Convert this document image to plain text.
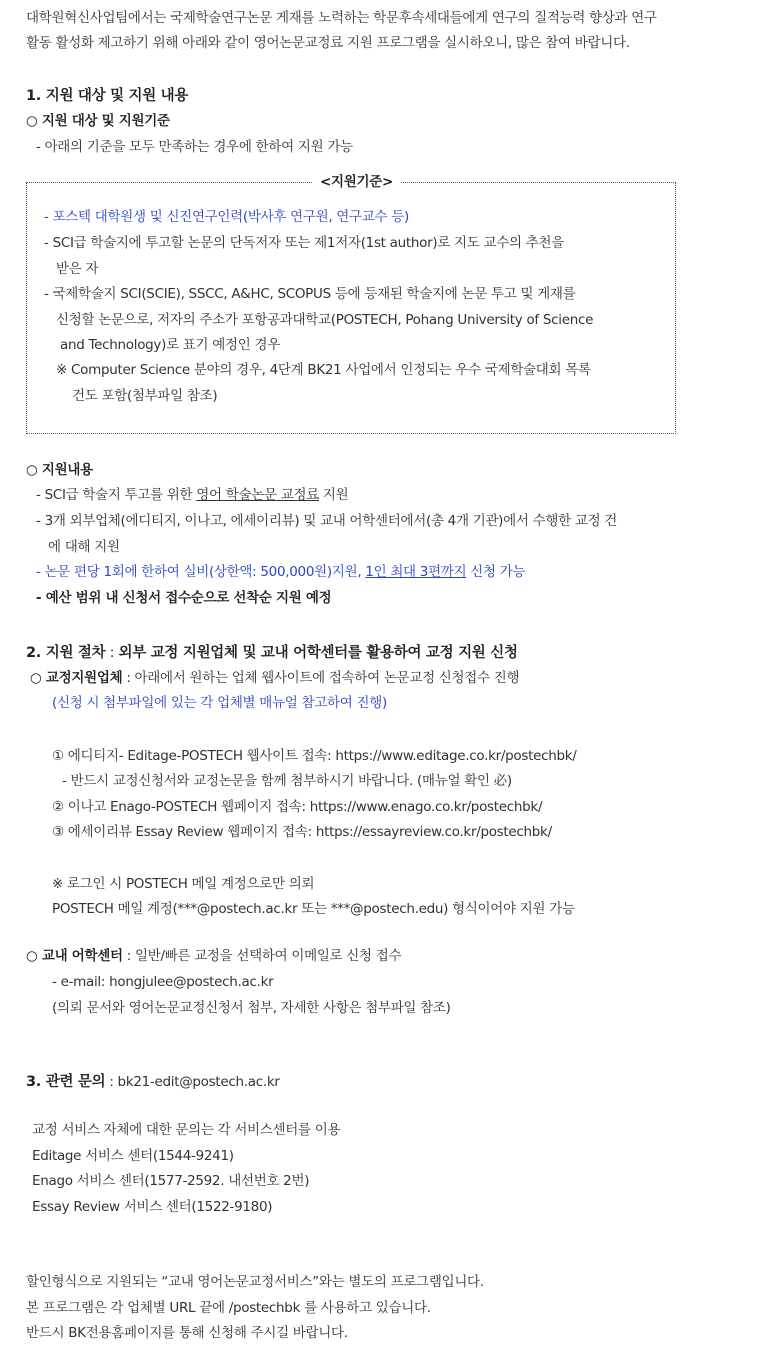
대학원혁신사업팀에서는 국제학술연구논문 게재를 노력하는 학문후속세대들에게 연구의 질적능력 향상과 연구
활동 활성화 제고하기 위해 아래와 같이 영어논문교정료 지원 프로그램을 실시하오니, 많은 참여 바랍니다.
1. 지원 대상 및 지원 내용
○ 지원 대상 및 지원기준
- 아래의 기준을 모두 만족하는 경우에 한하여 지원 가능
<지원기준>
- 포스텍 대학원생 및 신진연구인력(박사후 연구원, 연구교수 등)
- SCI급 학술지에 투고할 논문의 단독저자 또는 제1저자(1st author)로 지도 교수의 추천을
받은 자
- 국제학술지 SCI(SCIE), SSCC, A&HC, SCOPUS 등에 등재된 학술지에 논문 투고 및 게재를
신청할 논문으로, 저자의 주소가 포항공과대학교(POSTECH, Pohang University of Science
and Technology)로 표기 예정인 경우
※ Computer Science 분야의 경우, 4단계 BK21 사업에서 인정되는 우수 국제학술대회 목록
건도 포함(첨부파일 참조)
○ 지원내용
- SCI급 학술지 투고를 위한 영어 학술논문 교정료 지원
- 3개 외부업체(에디티지, 이나고, 에세이리뷰) 및 교내 어학센터에서(총 4개 기관)에서 수행한 교정 건
에 대해 지원
- 논문 편당 1회에 한하여 실비(상한액: 500,000원)지원, 1인 최대 3편까지 신청 가능
- 예산 범위 내 신청서 접수순으로 선착순 지원 예정
2. 지원 절차 : 외부 교정 지원업체 및 교내 어학센터를 활용하여 교정 지원 신청
○ 교정지원업체 : 아래에서 원하는 업체 웹사이트에 접속하여 논문교정 신청접수 진행
(신청 시 첨부파일에 있는 각 업체별 매뉴얼 참고하여 진행)
① 에디티지- Editage-POSTECH 웹사이트 접속: https://www.editage.co.kr/postechbk/
- 반드시 교정신청서와 교정논문을 함께 첨부하시기 바랍니다. (매뉴얼 확인 必)
② 이나고 Enago-POSTECH 웹페이지 접속: https://www.enago.co.kr/postechbk/
③ 에세이리뷰 Essay Review 웹페이지 접속: https://essayreview.co.kr/postechbk/
※ 로그인 시 POSTECH 메일 계정으로만 의뢰
POSTECH 메일 계정(***@postech.ac.kr 또는 ***@postech.edu) 형식이어야 지원 가능
○ 교내 어학센터 : 일반/빠른 교정을 선택하여 이메일로 신청 접수
- e-mail: hongjulee@postech.ac.kr
(의뢰 문서와 영어논문교정신청서 첨부, 자세한 사항은 첨부파일 참조)
3. 관련 문의 : bk21-edit@postech.ac.kr
교정 서비스 자체에 대한 문의는 각 서비스센터를 이용
Editage 서비스 센터(1544-9241)
Enago 서비스 센터(1577-2592. 내선번호 2번)
Essay Review 서비스 센터(1522-9180)
할인형식으로 지원되는 “교내 영어논문교정서비스”와는 별도의 프로그램입니다.
본 프로그램은 각 업체별 URL 끝에 /postechbk 를 사용하고 있습니다.
반드시 BK전용홈페이지를 통해 신청해 주시길 바랍니다.
